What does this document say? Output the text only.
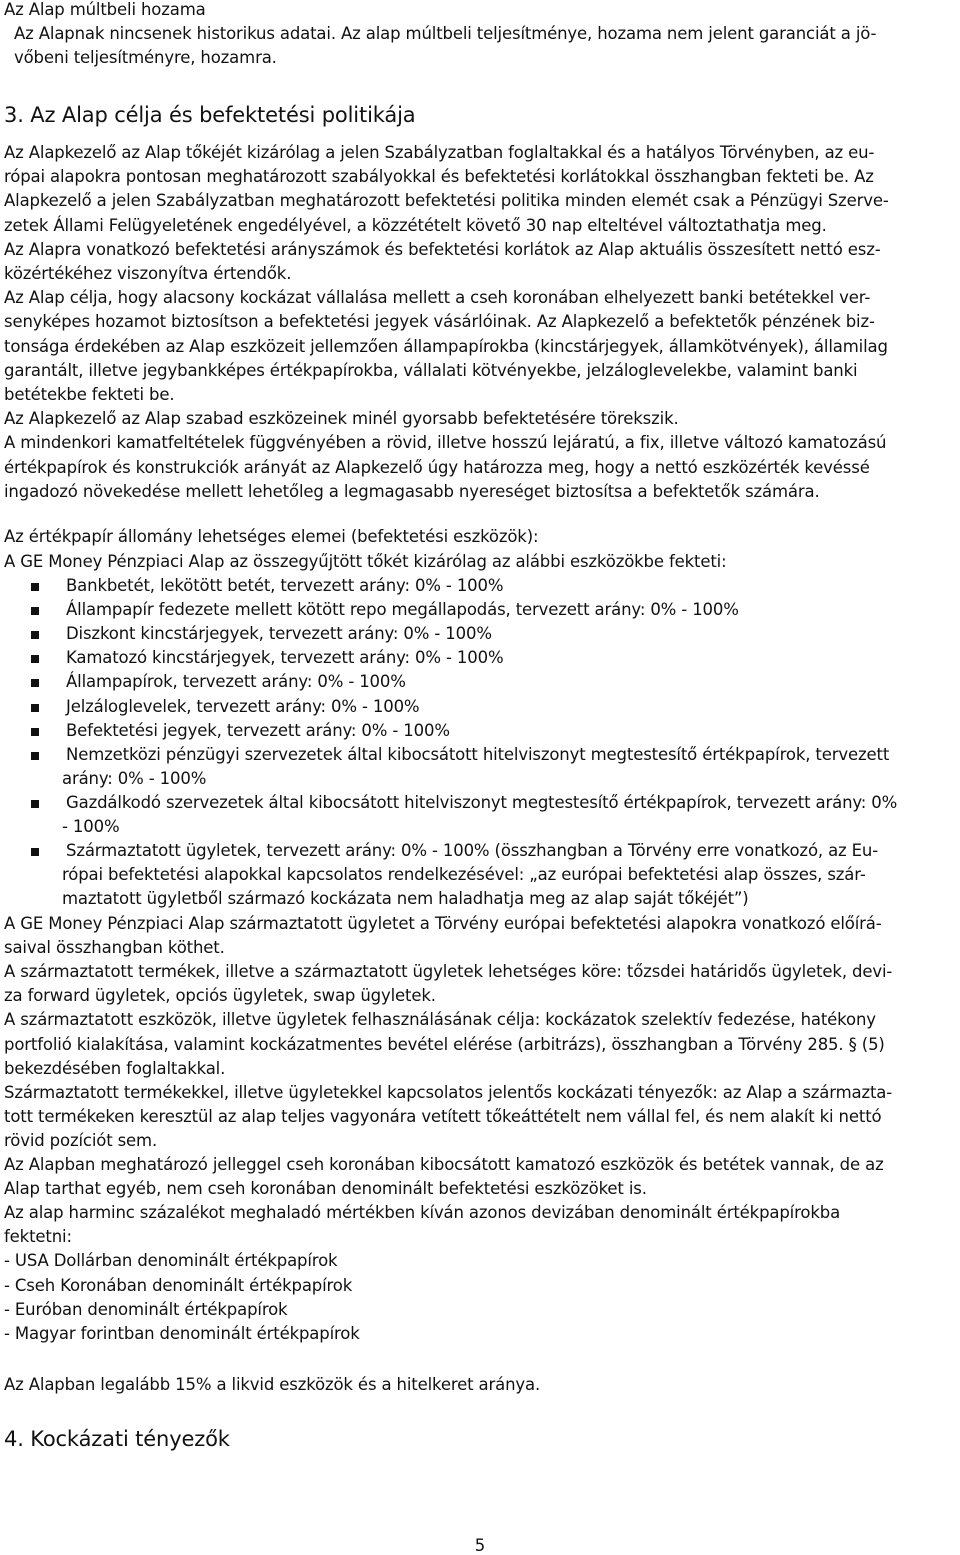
Az Alap múltbeli hozama
Az Alapnak nincsenek historikus adatai. Az alap múltbeli teljesítménye, hozama nem jelent garanciát a jö-
vőbeni teljesítményre, hozamra.
3. Az Alap célja és befektetési politikája
Az Alapkezelő az Alap tőkéjét kizárólag a jelen Szabályzatban foglaltakkal és a hatályos Törvényben, az eu-
rópai alapokra pontosan meghatározott szabályokkal és befektetési korlátokkal összhangban fekteti be. Az
Alapkezelő a jelen Szabályzatban meghatározott befektetési politika minden elemét csak a Pénzügyi Szerve-
zetek Állami Felügyeletének engedélyével, a közzétételt követő 30 nap elteltével változtathatja meg.
Az Alapra vonatkozó befektetési arányszámok és befektetési korlátok az Alap aktuális összesített nettó esz-
közértékéhez viszonyítva értendők.
Az Alap célja, hogy alacsony kockázat vállalása mellett a cseh koronában elhelyezett banki betétekkel ver-
senyképes hozamot biztosítson a befektetési jegyek vásárlóinak. Az Alapkezelő a befektetők pénzének biz-
tonsága érdekében az Alap eszközeit jellemzően állampapírokba (kincstárjegyek, államkötvények), államilag
garantált, illetve jegybankképes értékpapírokba, vállalati kötvényekbe, jelzáloglevelekbe, valamint banki
betétekbe fekteti be.
Az Alapkezelő az Alap szabad eszközeinek minél gyorsabb befektetésére törekszik.
A mindenkori kamatfeltételek függvényében a rövid, illetve hosszú lejáratú, a fix, illetve változó kamatozású
értékpapírok és konstrukciók arányát az Alapkezelő úgy határozza meg, hogy a nettó eszközérték kevéssé
ingadozó növekedése mellett lehetőleg a legmagasabb nyereséget biztosítsa a befektetők számára.
Az értékpapír állomány lehetséges elemei (befektetési eszközök):
A GE Money Pénzpiaci Alap az összegyűjtött tőkét kizárólag az alábbi eszközökbe fekteti:
Bankbetét, lekötött betét, tervezett arány: 0% - 100%
Állampapír fedezete mellett kötött repo megállapodás, tervezett arány: 0% - 100%
Diszkont kincstárjegyek, tervezett arány: 0% - 100%
Kamatozó kincstárjegyek, tervezett arány: 0% - 100%
Állampapírok, tervezett arány: 0% - 100%
Jelzáloglevelek, tervezett arány: 0% - 100%
Befektetési jegyek, tervezett arány: 0% - 100%
Nemzetközi pénzügyi szervezetek által kibocsátott hitelviszonyt megtestesítő értékpapírok, tervezett
arány: 0% - 100%
Gazdálkodó szervezetek által kibocsátott hitelviszonyt megtestesítő értékpapírok, tervezett arány: 0%
- 100%
Származtatott ügyletek, tervezett arány: 0% - 100% (összhangban a Törvény erre vonatkozó, az Eu-
rópai befektetési alapokkal kapcsolatos rendelkezésével: „az európai befektetési alap összes, szár-
maztatott ügyletből származó kockázata nem haladhatja meg az alap saját tőkéjét”)
A GE Money Pénzpiaci Alap származtatott ügyletet a Törvény európai befektetési alapokra vonatkozó előírá-
saival összhangban köthet.
A származtatott termékek, illetve a származtatott ügyletek lehetséges köre: tőzsdei határidős ügyletek, devi-
za forward ügyletek, opciós ügyletek, swap ügyletek.
A származtatott eszközök, illetve ügyletek felhasználásának célja: kockázatok szelektív fedezése, hatékony
portfolió kialakítása, valamint kockázatmentes bevétel elérése (arbitrázs), összhangban a Törvény 285. § (5)
bekezdésében foglaltakkal.
Származtatott termékekkel, illetve ügyletekkel kapcsolatos jelentős kockázati tényezők: az Alap a származta-
tott termékeken keresztül az alap teljes vagyonára vetített tőkeáttételt nem vállal fel, és nem alakít ki nettó
rövid pozíciót sem.
Az Alapban meghatározó jelleggel cseh koronában kibocsátott kamatozó eszközök és betétek vannak, de az
Alap tarthat egyéb, nem cseh koronában denominált befektetési eszközöket is.
Az alap harminc százalékot meghaladó mértékben kíván azonos devizában denominált értékpapírokba
fektetni:
- USA Dollárban denominált értékpapírok
- Cseh Koronában denominált értékpapírok
- Euróban denominált értékpapírok
- Magyar forintban denominált értékpapírok
Az Alapban legalább 15% a likvid eszközök és a hitelkeret aránya.
4. Kockázati tényezők
5
